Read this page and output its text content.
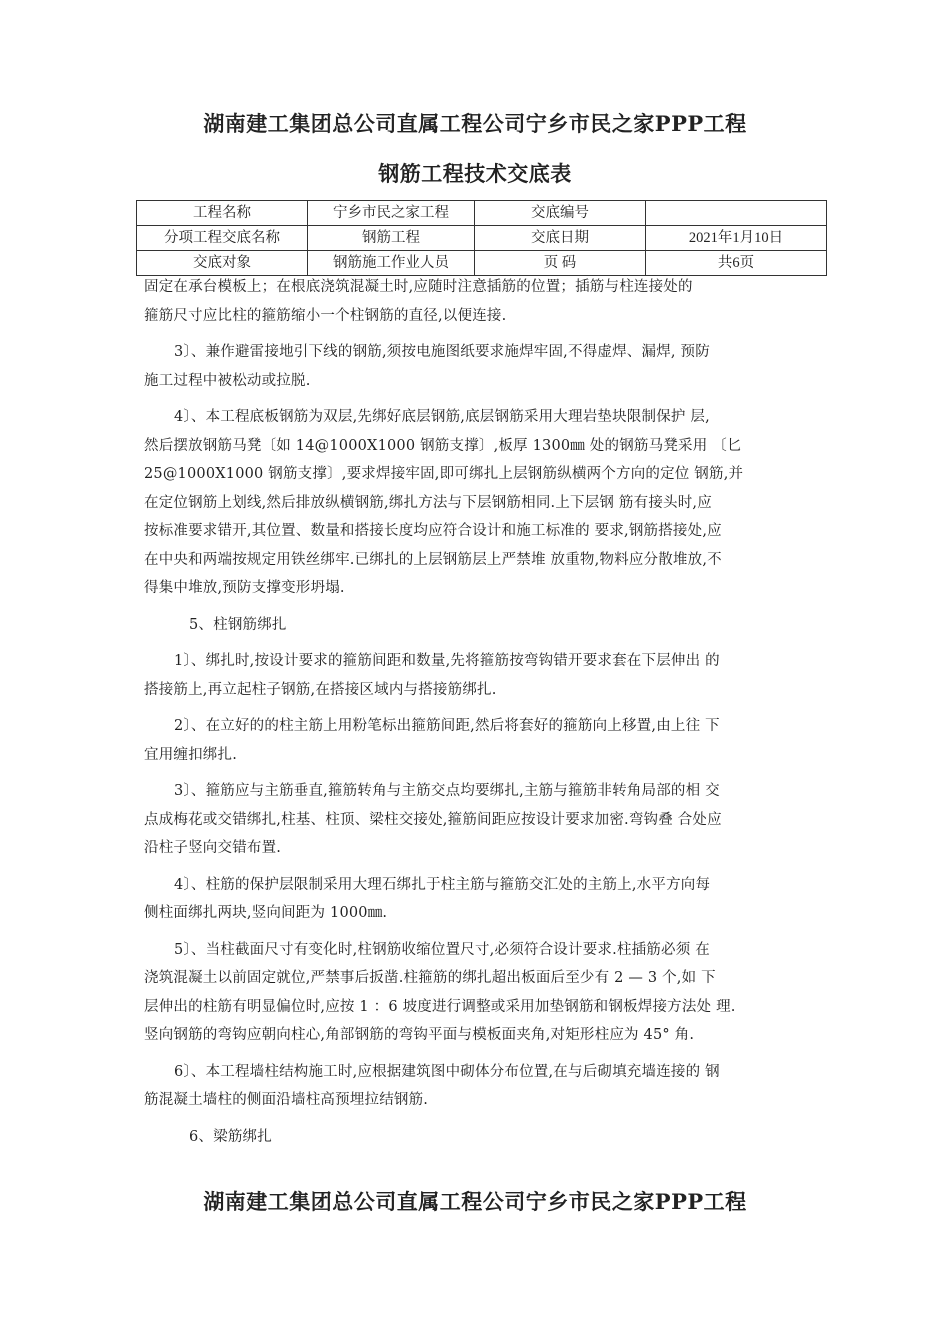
湖南建工集团总公司直属工程公司宁乡市民之家PPP工程
钢筋工程技术交底表
工程名称	宁乡市民之家工程	交底编号	
分项工程交底名称	钢筋工程	交底日期	2021年1月10日
交底对象	钢筋施工作业人员	页 码	共6页
固定在承台模板上；在根底浇筑混凝土时,应随时注意插筋的位置；插筋与柱连接处的
箍筋尺寸应比柱的箍筋缩小一个柱钢筋的直径,以便连接.
3〕、兼作避雷接地引下线的钢筋,须按电施图纸要求施焊牢固,不得虚焊、漏焊, 预防
施工过程中被松动或拉脱.
4〕、本工程底板钢筋为双层,先绑好底层钢筋,底层钢筋采用大理岩垫块限制保护 层,
然后摆放钢筋马凳〔如 14@1000X1000 钢筋支撑〕,板厚 1300㎜ 处的钢筋马凳采用 〔匕
25@1000X1000 钢筋支撑〕,要求焊接牢固,即可绑扎上层钢筋纵横两个方向的定位 钢筋,并
在定位钢筋上划线,然后排放纵横钢筋,绑扎方法与下层钢筋相同.上下层钢 筋有接头时,应
按标准要求错开,其位置、数量和搭接长度均应符合设计和施工标准的 要求,钢筋搭接处,应
在中央和两端按规定用铁丝绑牢.已绑扎的上层钢筋层上严禁堆 放重物,物料应分散堆放,不
得集中堆放,预防支撑变形坍塌.
5、柱钢筋绑扎
1〕、绑扎时,按设计要求的箍筋间距和数量,先将箍筋按弯钩错开要求套在下层伸出 的
搭接筋上,再立起柱子钢筋,在搭接区域内与搭接筋绑扎.
2〕、在立好的的柱主筋上用粉笔标出箍筋间距,然后将套好的箍筋向上移置,由上往 下
宜用缠扣绑扎.
3〕、箍筋应与主筋垂直,箍筋转角与主筋交点均要绑扎,主筋与箍筋非转角局部的相 交
点成梅花或交错绑扎,柱基、柱顶、梁柱交接处,箍筋间距应按设计要求加密.弯钩叠 合处应
沿柱子竖向交错布置.
4〕、柱筋的保护层限制采用大理石绑扎于柱主筋与箍筋交汇处的主筋上,水平方向每
侧柱面绑扎两块,竖向间距为 1000㎜.
5〕、当柱截面尺寸有变化时,柱钢筋收缩位置尺寸,必须符合设计要求.柱插筋必须 在
浇筑混凝土以前固定就位,严禁事后扳凿.柱箍筋的绑扎超出板面后至少有 2 — 3 个,如 下
层伸出的柱筋有明显偏位时,应按 1 ：6 坡度进行调整或采用加垫钢筋和钢板焊接方法处 理.
竖向钢筋的弯钩应朝向柱心,角部钢筋的弯钩平面与模板面夹角,对矩形柱应为 45° 角.
6〕、本工程墙柱结构施工时,应根据建筑图中砌体分布位置,在与后砌填充墙连接的 钢
筋混凝土墙柱的侧面沿墙柱高预埋拉结钢筋.
6、梁筋绑扎
湖南建工集团总公司直属工程公司宁乡市民之家PPP工程
